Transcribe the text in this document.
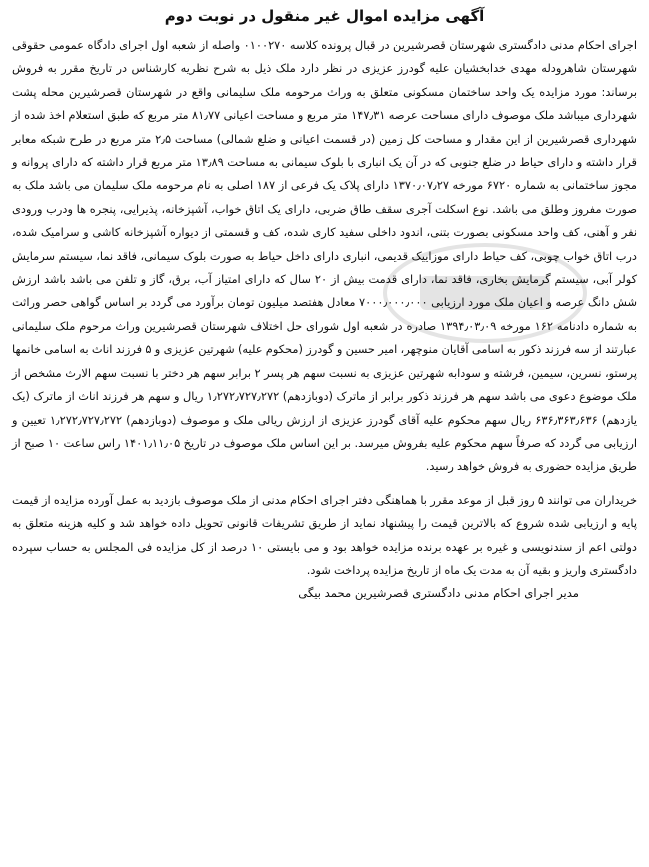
آگهی مزایده اموال غیر منقول در نوبت دوم

اجرای احکام مدنی دادگستری شهرستان قصرشیرین در قبال پرونده کلاسه ۰۱۰۰۲۷۰ واصله از شعبه اول اجرای دادگاه عمومی حقوقی شهرستان شاهرودله مهدی خدابخشیان علیه گودرز عزیزی در نظر دارد ملک ذیل به شرح نظریه کارشناس در تاریخ مقرر به فروش برساند: مورد مزایده یک واحد ساختمان مسکونی متعلق به وراث مرحومه ملک سلیمانی واقع در شهرستان قصرشیرین محله پشت شهرداری میباشد ملک موصوف دارای مساحت عرصه ۱۴۷٫۳۱ متر مربع و مساحت اعیانی ۸۱٫۷۷ متر مربع که طبق استعلام اخذ شده از شهرداری قصرشیرین از این مقدار و مساحت کل زمین (در قسمت اعیانی و ضلع شمالی) مساحت ۲٫۵ متر مربع در طرح شبکه معابر قرار داشته و دارای حیاط در ضلع جنوبی که در آن یک انباری با بلوک سیمانی به مساحت ۱۳٫۸۹ متر مربع قرار داشته که دارای پروانه و مجوز ساختمانی به شماره ۶۷۲۰ مورخه ۱۳۷۰٫۰۷٫۲۷ دارای پلاک یک فرعی از ۱۸۷ اصلی به نام مرحومه ملک سلیمان می باشد ملک به صورت مفروز وطلق می باشد. نوع اسکلت آجری سقف طاق ضربی، دارای یک اتاق خواب، آشپزخانه، پذیرایی، پنجره ها ودرب ورودی نفر و آهنی، کف واحد مسکونی بصورت بتنی، اندود داخلی سفید کاری شده، کف و قسمتی از دیواره آشپزخانه کاشی و سرامیک شده، درب اتاق خواب چوبی، کف حیاط دارای موزاییک قدیمی، انباری دارای داخل حیاط به صورت بلوک سیمانی، فاقد نما، سیستم سرمایش کولر آبی، سیستم گرمایش بخاری، فاقد نما، دارای قدمت بیش از ۲۰ سال که دارای امتیاز آب، برق، گاز و تلفن می باشد باشد ارزش شش دانگ عرصه و اعیان ملک مورد ارزیابی ۷۰۰۰٫۰۰۰٫۰۰۰ معادل هفتصد میلیون تومان برآورد می گردد بر اساس گواهی حصر وراثت به شماره دادنامه ۱۶۲ مورخه ۱۳۹۴٫۰۳٫۰۹ صادره در شعبه اول شورای حل اختلاف شهرستان قصرشیرین وراث مرحوم ملک سلیمانی عبارتند از سه فرزند ذکور به اسامی آقایان منوچهر، امیر حسین و گودرز (محکوم علیه) شهرتین عزیزی و ۵ فرزند اناث به اسامی خانمها پرستو، نسرین، سیمین، فرشته و سودابه شهرتین عزیزی به نسبت سهم هر پسر ۲ برابر سهم هر دختر با نسبت سهم الارث مشخص از ملک موضوع دعوی می باشد سهم هر فرزند ذکور برابر از ماترک (دوبازدهم) ۱٫۲۷۲٫۷۲۷٫۲۷۲ ریال و سهم هر فرزند اناث از ماترک (یک یازدهم) ۶۳۶٫۳۶۳٫۶۳۶ ریال سهم محکوم علیه آقای گودرز عزیزی از ارزش ریالی ملک و موصوف (دوبازدهم) ۱٫۲۷۲٫۷۲۷٫۲۷۲ تعیین و ارزیابی می گردد که صرفاً سهم محکوم علیه بفروش میرسد. بر این اساس ملک موصوف در تاریخ ۱۴۰۱٫۱۱٫۰۵ راس ساعت ۱۰ صبح از طریق مزایده حضوری به فروش خواهد رسید.

خریداران می توانند ۵ روز قبل از موعد مقرر با هماهنگی دفتر اجرای احکام مدنی از ملک موصوف بازدید به عمل آورده مزایده از قیمت پایه و ارزیابی شده شروع که بالاترین قیمت را پیشنهاد نماید از طریق تشریفات قانونی تحویل داده خواهد شد و کلیه هزینه متعلق به دولتی اعم از سندنویسی و غیره بر عهده برنده مزایده خواهد بود و می بایستی ۱۰ درصد از کل مزایده فی المجلس به حساب سپرده دادگستری واریز و بقیه آن به مدت یک ماه از تاریخ مزایده پرداخت شود.

مدیر اجرای احکام مدنی دادگستری قصرشیرین محمد بیگی
